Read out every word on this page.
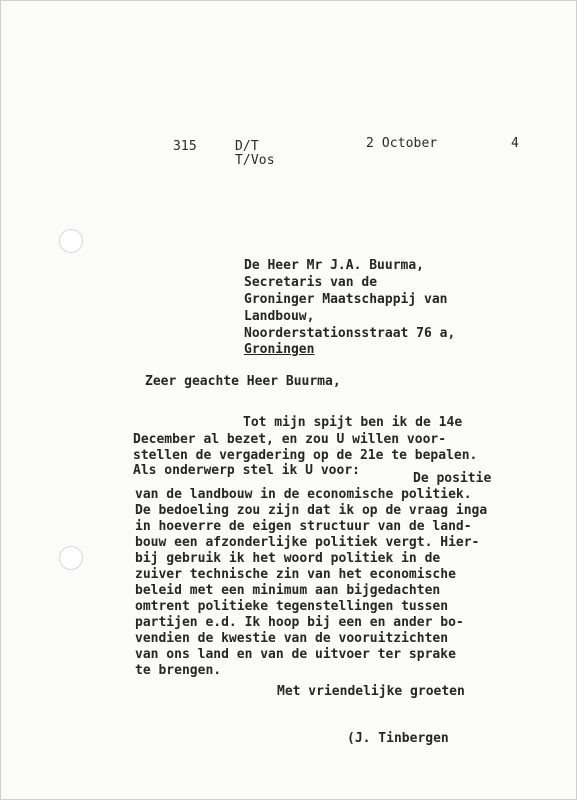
315	D/T
T/Vos
2 October	4
De Heer Mr J.A. Buurma,
Secretaris van de
Groninger Maatschappij van
Landbouw,
Noorderstationsstraat 76 a,
Groningen
Zeer geachte Heer Buurma,
Tot mijn spijt ben ik de 14e
December al bezet, en zou U willen voor-
stellen de vergadering op de 21e te bepalen.
Als onderwerp stel ik U voor:
De positie
van de landbouw in de economische politiek.
De bedoeling zou zijn dat ik op de vraag inga
in hoeverre de eigen structuur van de land-
bouw een afzonderlijke politiek vergt. Hier-
bij gebruik ik het woord politiek in de
zuiver technische zin van het economische
beleid met een minimum aan bijgedachten
omtrent politieke tegenstellingen tussen
partijen e.d. Ik hoop bij een en ander bo-
vendien de kwestie van de vooruitzichten
van ons land en van de uitvoer ter sprake
te brengen.
Met vriendelijke groeten
(J. Tinbergen
